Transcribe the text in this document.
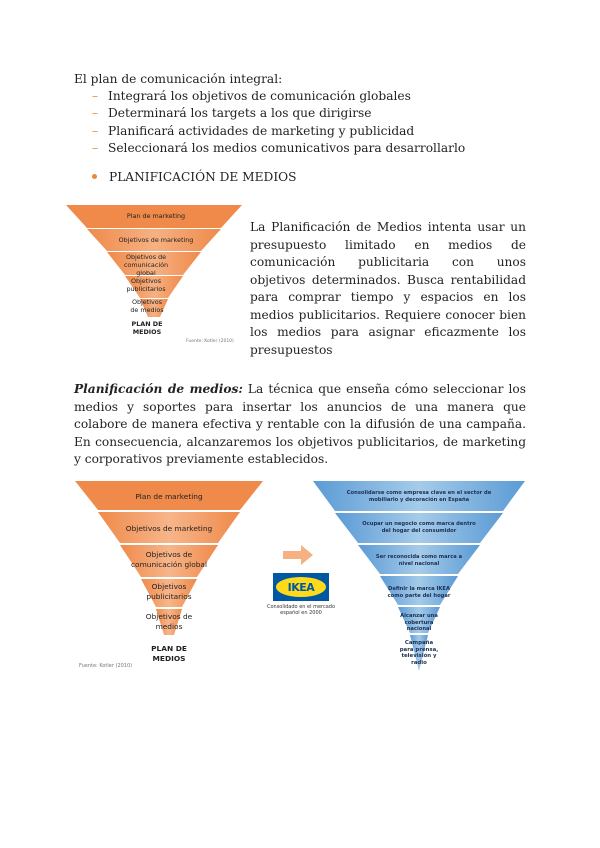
El plan de comunicación integral:
– Integrará los objetivos de comunicación globales
– Determinará los targets a los que dirigirse
– Planificará actividades de marketing y publicidad
– Seleccionará los medios comunicativos para desarrollarlo
PLANIFICACIÓN DE MEDIOS
Plan de marketing
Objetivos de marketing
Objetivos de comunicación global
Objetivos publicitarios
Objetivos de medios
PLAN DE MEDIOS
Fuente: Kotler (2010)
La Planificación de Medios intenta usar un presupuesto limitado en medios de comunicación publicitaria con unos objetivos determinados. Busca rentabilidad para comprar tiempo y espacios en los medios publicitarios. Requiere conocer bien los medios para asignar eficazmente los presupuestos
Planificación de medios: La técnica que enseña cómo seleccionar los medios y soportes para insertar los anuncios de una manera que colabore de manera efectiva y rentable con la difusión de una campaña. En consecuencia, alcanzaremos los objetivos publicitarios, de marketing y corporativos previamente establecidos.
Plan de marketing
Objetivos de marketing
Objetivos de comunicación global
Objetivos publicitarios
Objetivos de medios
PLAN DE MEDIOS
Fuente: Kotler (2010)
IKEA
Consolidado en el mercado español en 2000
Consolidarse como empresa clave en el sector de mobiliario y decoración en España
Ocupar un negocio como marca dentro del hogar del consumidor
Ser reconocida como marca a nivel nacional
Definir la marca IKEA como parte del hogar
Alcanzar una cobertura nacional
Campaña para prensa, televisión y radio
